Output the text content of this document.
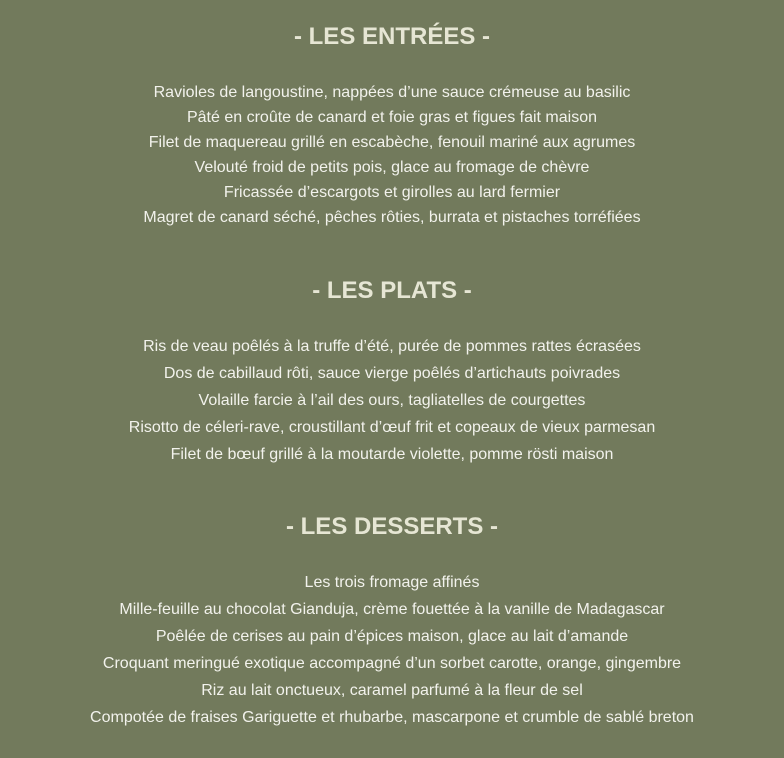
- LES ENTRÉES -
Ravioles de langoustine, nappées d’une sauce crémeuse au basilic
Pâté en croûte de canard et foie gras et figues fait maison
Filet de maquereau grillé en escabèche, fenouil mariné aux agrumes
Velouté froid de petits pois, glace au fromage de chèvre
Fricassée d’escargots et girolles au lard fermier
Magret de canard séché, pêches rôties, burrata et pistaches torréfiées
- LES PLATS -
Ris de veau poêlés à la truffe d’été, purée de pommes rattes écrasées
Dos de cabillaud rôti, sauce vierge poêlés d’artichauts poivrades
Volaille farcie à l’ail des ours, tagliatelles de courgettes
Risotto de céleri-rave, croustillant d’œuf frit et copeaux de vieux parmesan
Filet de bœuf grillé à la moutarde violette, pomme rösti maison
- LES DESSERTS -
Les trois fromage affinés
Mille-feuille au chocolat Gianduja, crème fouettée à la vanille de Madagascar
Poêlée de cerises au pain d’épices maison, glace au lait d’amande
Croquant meringué exotique accompagné d’un sorbet carotte, orange, gingembre
Riz au lait onctueux, caramel parfumé à la fleur de sel
Compotée de fraises Gariguette et rhubarbe, mascarpone et crumble de sablé breton
